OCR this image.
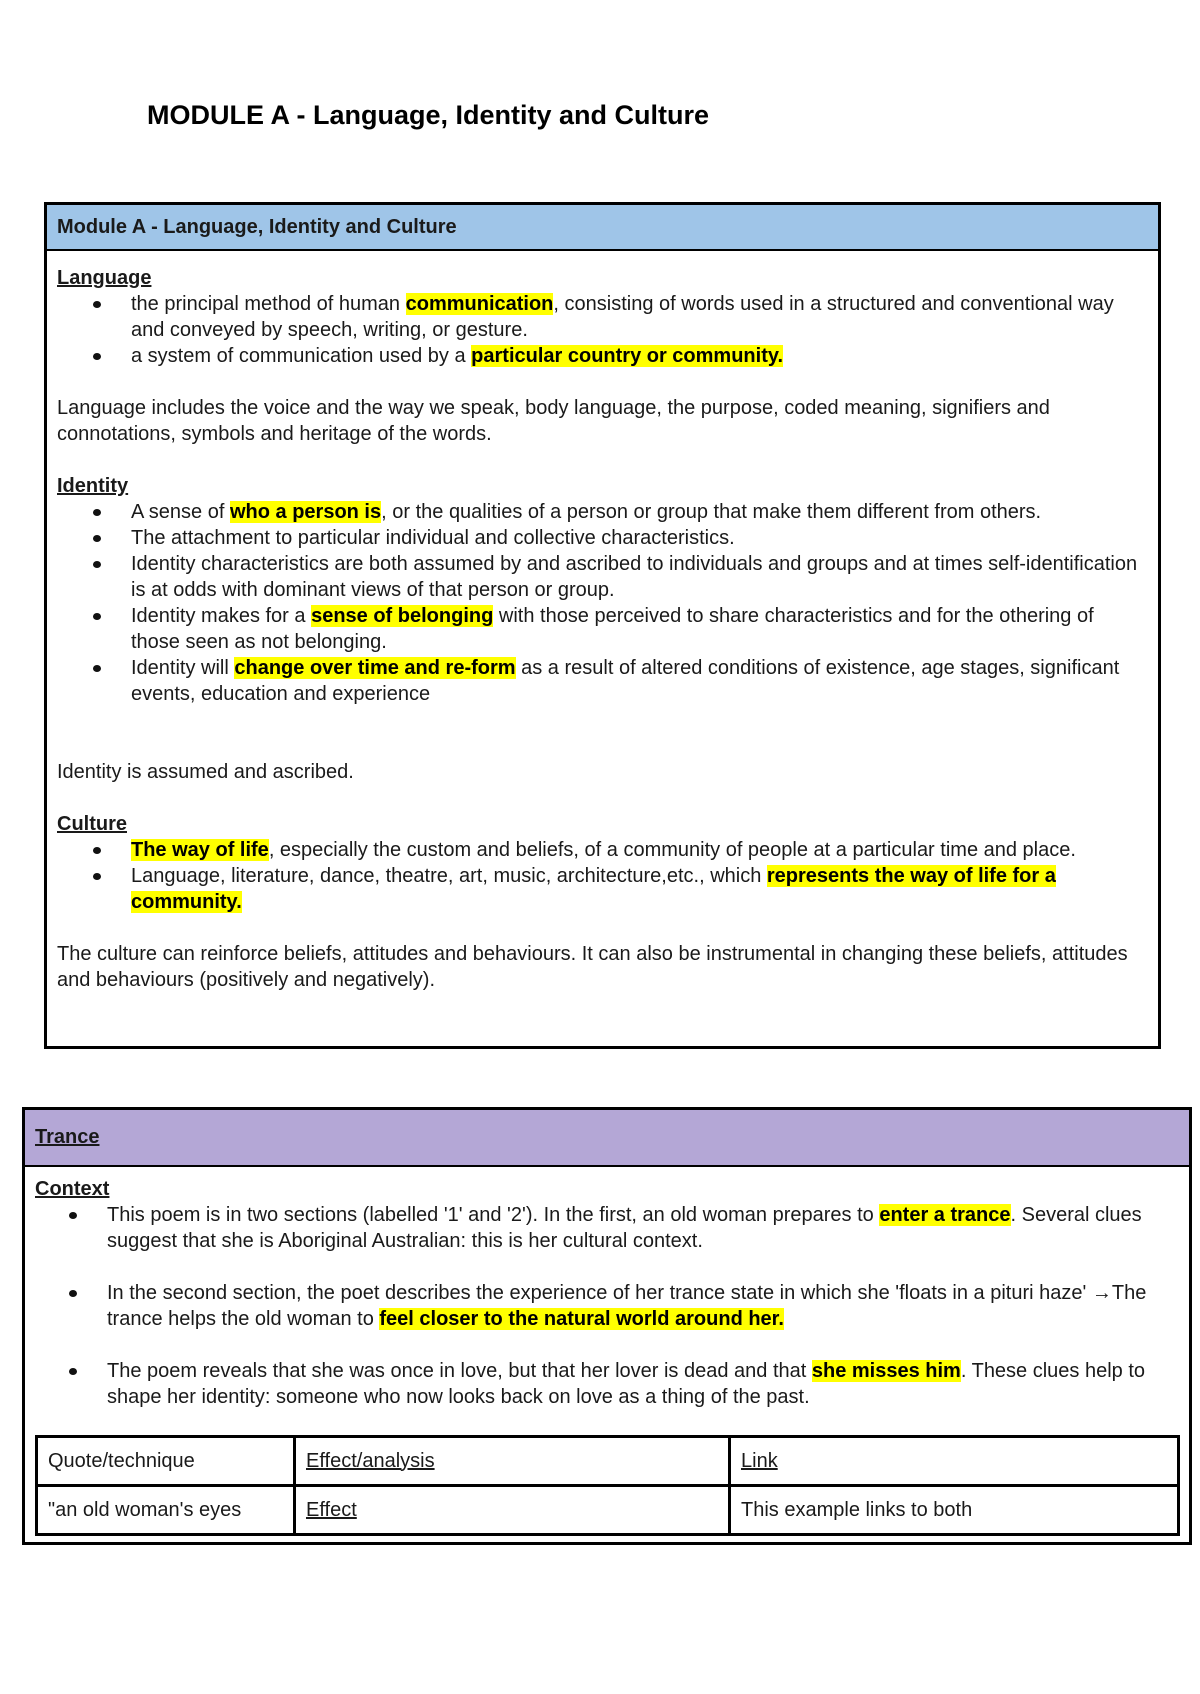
MODULE A - Language, Identity and Culture
Module A - Language, Identity and Culture
Language
the principal method of human communication, consisting of words used in a structured and conventional way and conveyed by speech, writing, or gesture.
a system of communication used by a particular country or community.

Language includes the voice and the way we speak, body language, the purpose, coded meaning, signifiers and connotations, symbols and heritage of the words.

Identity
A sense of who a person is, or the qualities of a person or group that make them different from others.
The attachment to particular individual and collective characteristics.
Identity characteristics are both assumed by and ascribed to individuals and groups and at times self-identification is at odds with dominant views of that person or group.
Identity makes for a sense of belonging with those perceived to share characteristics and for the othering of those seen as not belonging.
Identity will change over time and re-form as a result of altered conditions of existence, age stages, significant events, education and experience

Identity is assumed and ascribed.

Culture
The way of life, especially the custom and beliefs, of a community of people at a particular time and place.
Language, literature, dance, theatre, art, music, architecture,etc., which represents the way of life for a community.

The culture can reinforce beliefs, attitudes and behaviours. It can also be instrumental in changing these beliefs, attitudes and behaviours (positively and negatively).

Trance
Context
This poem is in two sections (labelled '1' and '2'). In the first, an old woman prepares to enter a trance. Several clues suggest that she is Aboriginal Australian: this is her cultural context.
In the second section, the poet describes the experience of her trance state in which she 'floats in a pituri haze' →The trance helps the old woman to feel closer to the natural world around her.
The poem reveals that she was once in love, but that her lover is dead and that she misses him. These clues help to shape her identity: someone who now looks back on love as a thing of the past.
Quote/technique	Effect/analysis	Link
"an old woman's eyes	Effect	This example links to both
